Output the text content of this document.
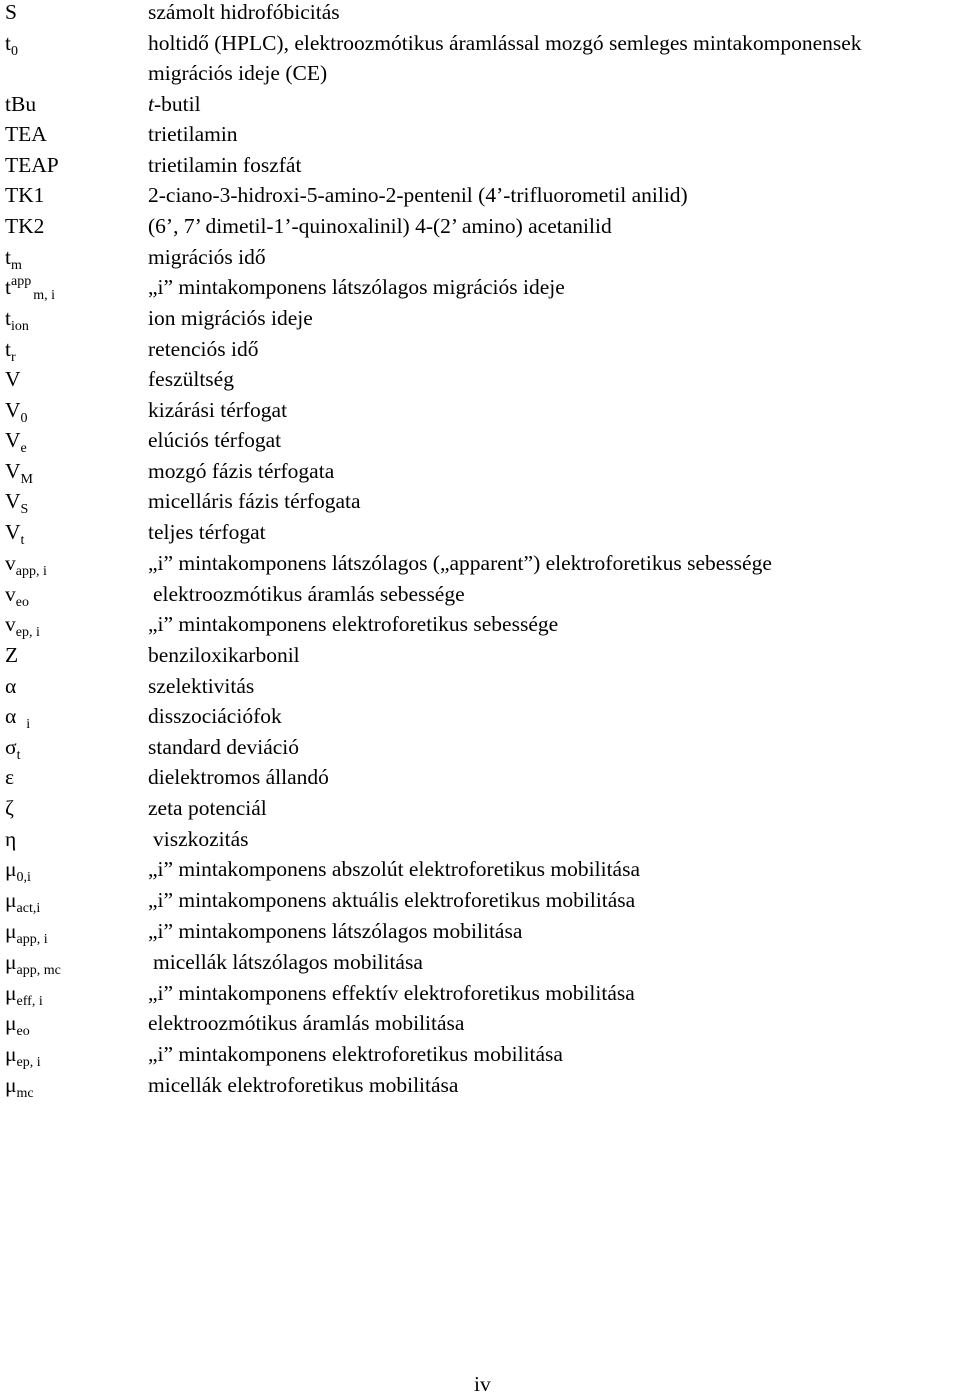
S	számolt hidrofóbicitás
$t_0$	holtidő (HPLC), elektroozmótikus áramlással mozgó semleges mintakomponensek
migrációs ideje (CE)
tBu	t-butil
TEA	trietilamin
TEAP	trietilamin foszfát
TK1	2-ciano-3-hidroxi-5-amino-2-pentenil (4’-trifluorometil anilid)
TK2	(6’, 7’ dimetil-1’-quinoxalinil) 4-(2’ amino) acetanilid
$t_m$	migrációs idő
$t^{app}_{m, i}$	„i” mintakomponens látszólagos migrációs ideje
$t_{ion}$	ion migrációs ideje
$t_r$	retenciós idő
V	feszültség
$V_0$	kizárási térfogat
$V_e$	elúciós térfogat
$V_M$	mozgó fázis térfogata
$V_S$	micelláris fázis térfogata
$V_t$	teljes térfogat
$v_{app, i}$	„i” mintakomponens látszólagos („apparent”) elektroforetikus sebessége
$v_{eo}$	elektroozmótikus áramlás sebessége
$v_{ep, i}$	„i” mintakomponens elektroforetikus sebessége
Z	benziloxikarbonil
α	szelektivitás
α $_i$	disszociációfok
$\sigma_t$	standard deviáció
ε	dielektromos állandó
ζ	zeta potenciál
η	viszkozitás
$\mu_{0,i}$	„i” mintakomponens abszolút elektroforetikus mobilitása
$\mu_{act,i}$	„i” mintakomponens aktuális elektroforetikus mobilitása
$\mu_{app, i}$	„i” mintakomponens látszólagos mobilitása
$\mu_{app, mc}$	micellák látszólagos mobilitása
$\mu_{eff, i}$	„i” mintakomponens effektív elektroforetikus mobilitása
$\mu_{eo}$	elektroozmótikus áramlás mobilitása
$\mu_{ep, i}$	„i” mintakomponens elektroforetikus mobilitása
$\mu_{mc}$	micellák elektroforetikus mobilitása
iv
